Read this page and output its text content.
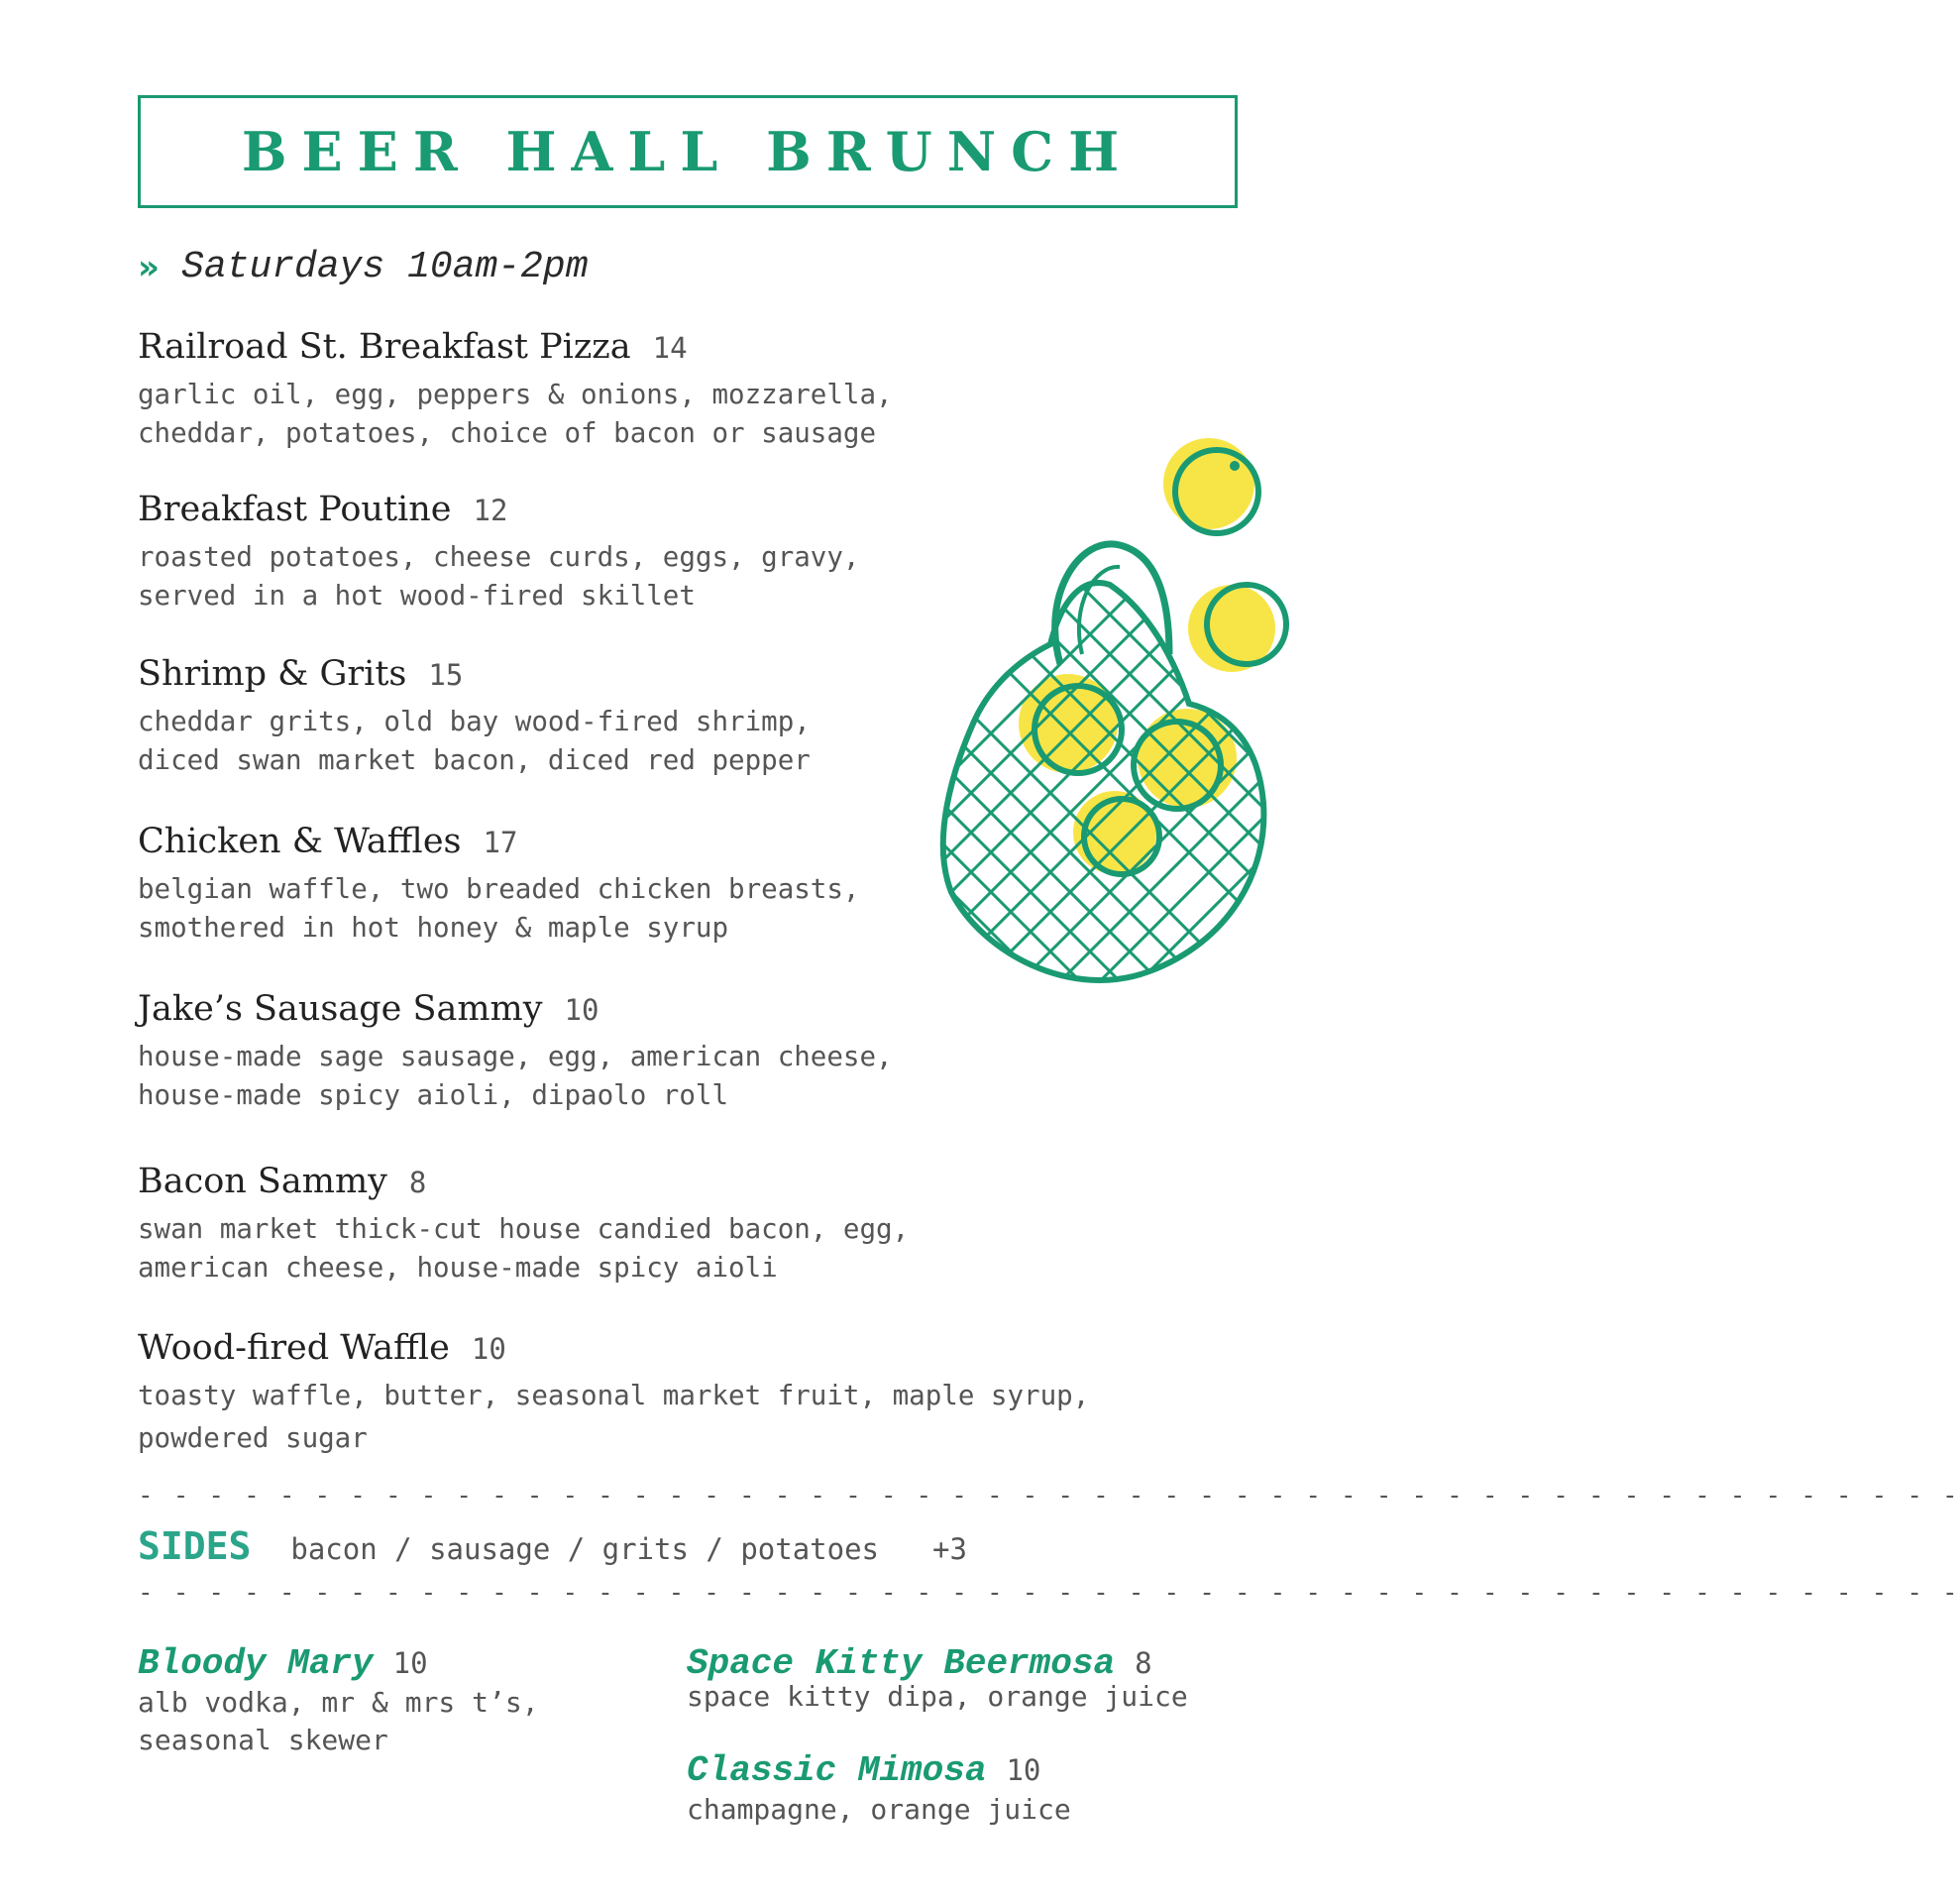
BEER HALL BRUNCH
›› Saturdays 10am-2pm
Railroad St. Breakfast Pizza 14
garlic oil, egg, peppers & onions, mozzarella,
cheddar, potatoes, choice of bacon or sausage
Breakfast Poutine 12
roasted potatoes, cheese curds, eggs, gravy,
served in a hot wood-fired skillet
Shrimp & Grits 15
cheddar grits, old bay wood-fired shrimp,
diced swan market bacon, diced red pepper
Chicken & Waffles 17
belgian waffle, two breaded chicken breasts,
smothered in hot honey & maple syrup
Jake’s Sausage Sammy 10
house-made sage sausage, egg, american cheese,
house-made spicy aioli, dipaolo roll
Bacon Sammy 8
swan market thick-cut house candied bacon, egg,
american cheese, house-made spicy aioli
Wood-fired Waffle 10
toasty waffle, butter, seasonal market fruit, maple syrup,
powdered sugar
- - - - - - - - - - - - - - - - - - - - - - - - - - - - - - - - - - - - - - - - - - - - - - - - - - - -
SIDES bacon / sausage / grits / potatoes +3
- - - - - - - - - - - - - - - - - - - - - - - - - - - - - - - - - - - - - - - - - - - - - - - - - - - -
Bloody Mary 10
alb vodka, mr & mrs t’s,
seasonal skewer
Space Kitty Beermosa 8
space kitty dipa, orange juice
Classic Mimosa 10
champagne, orange juice
